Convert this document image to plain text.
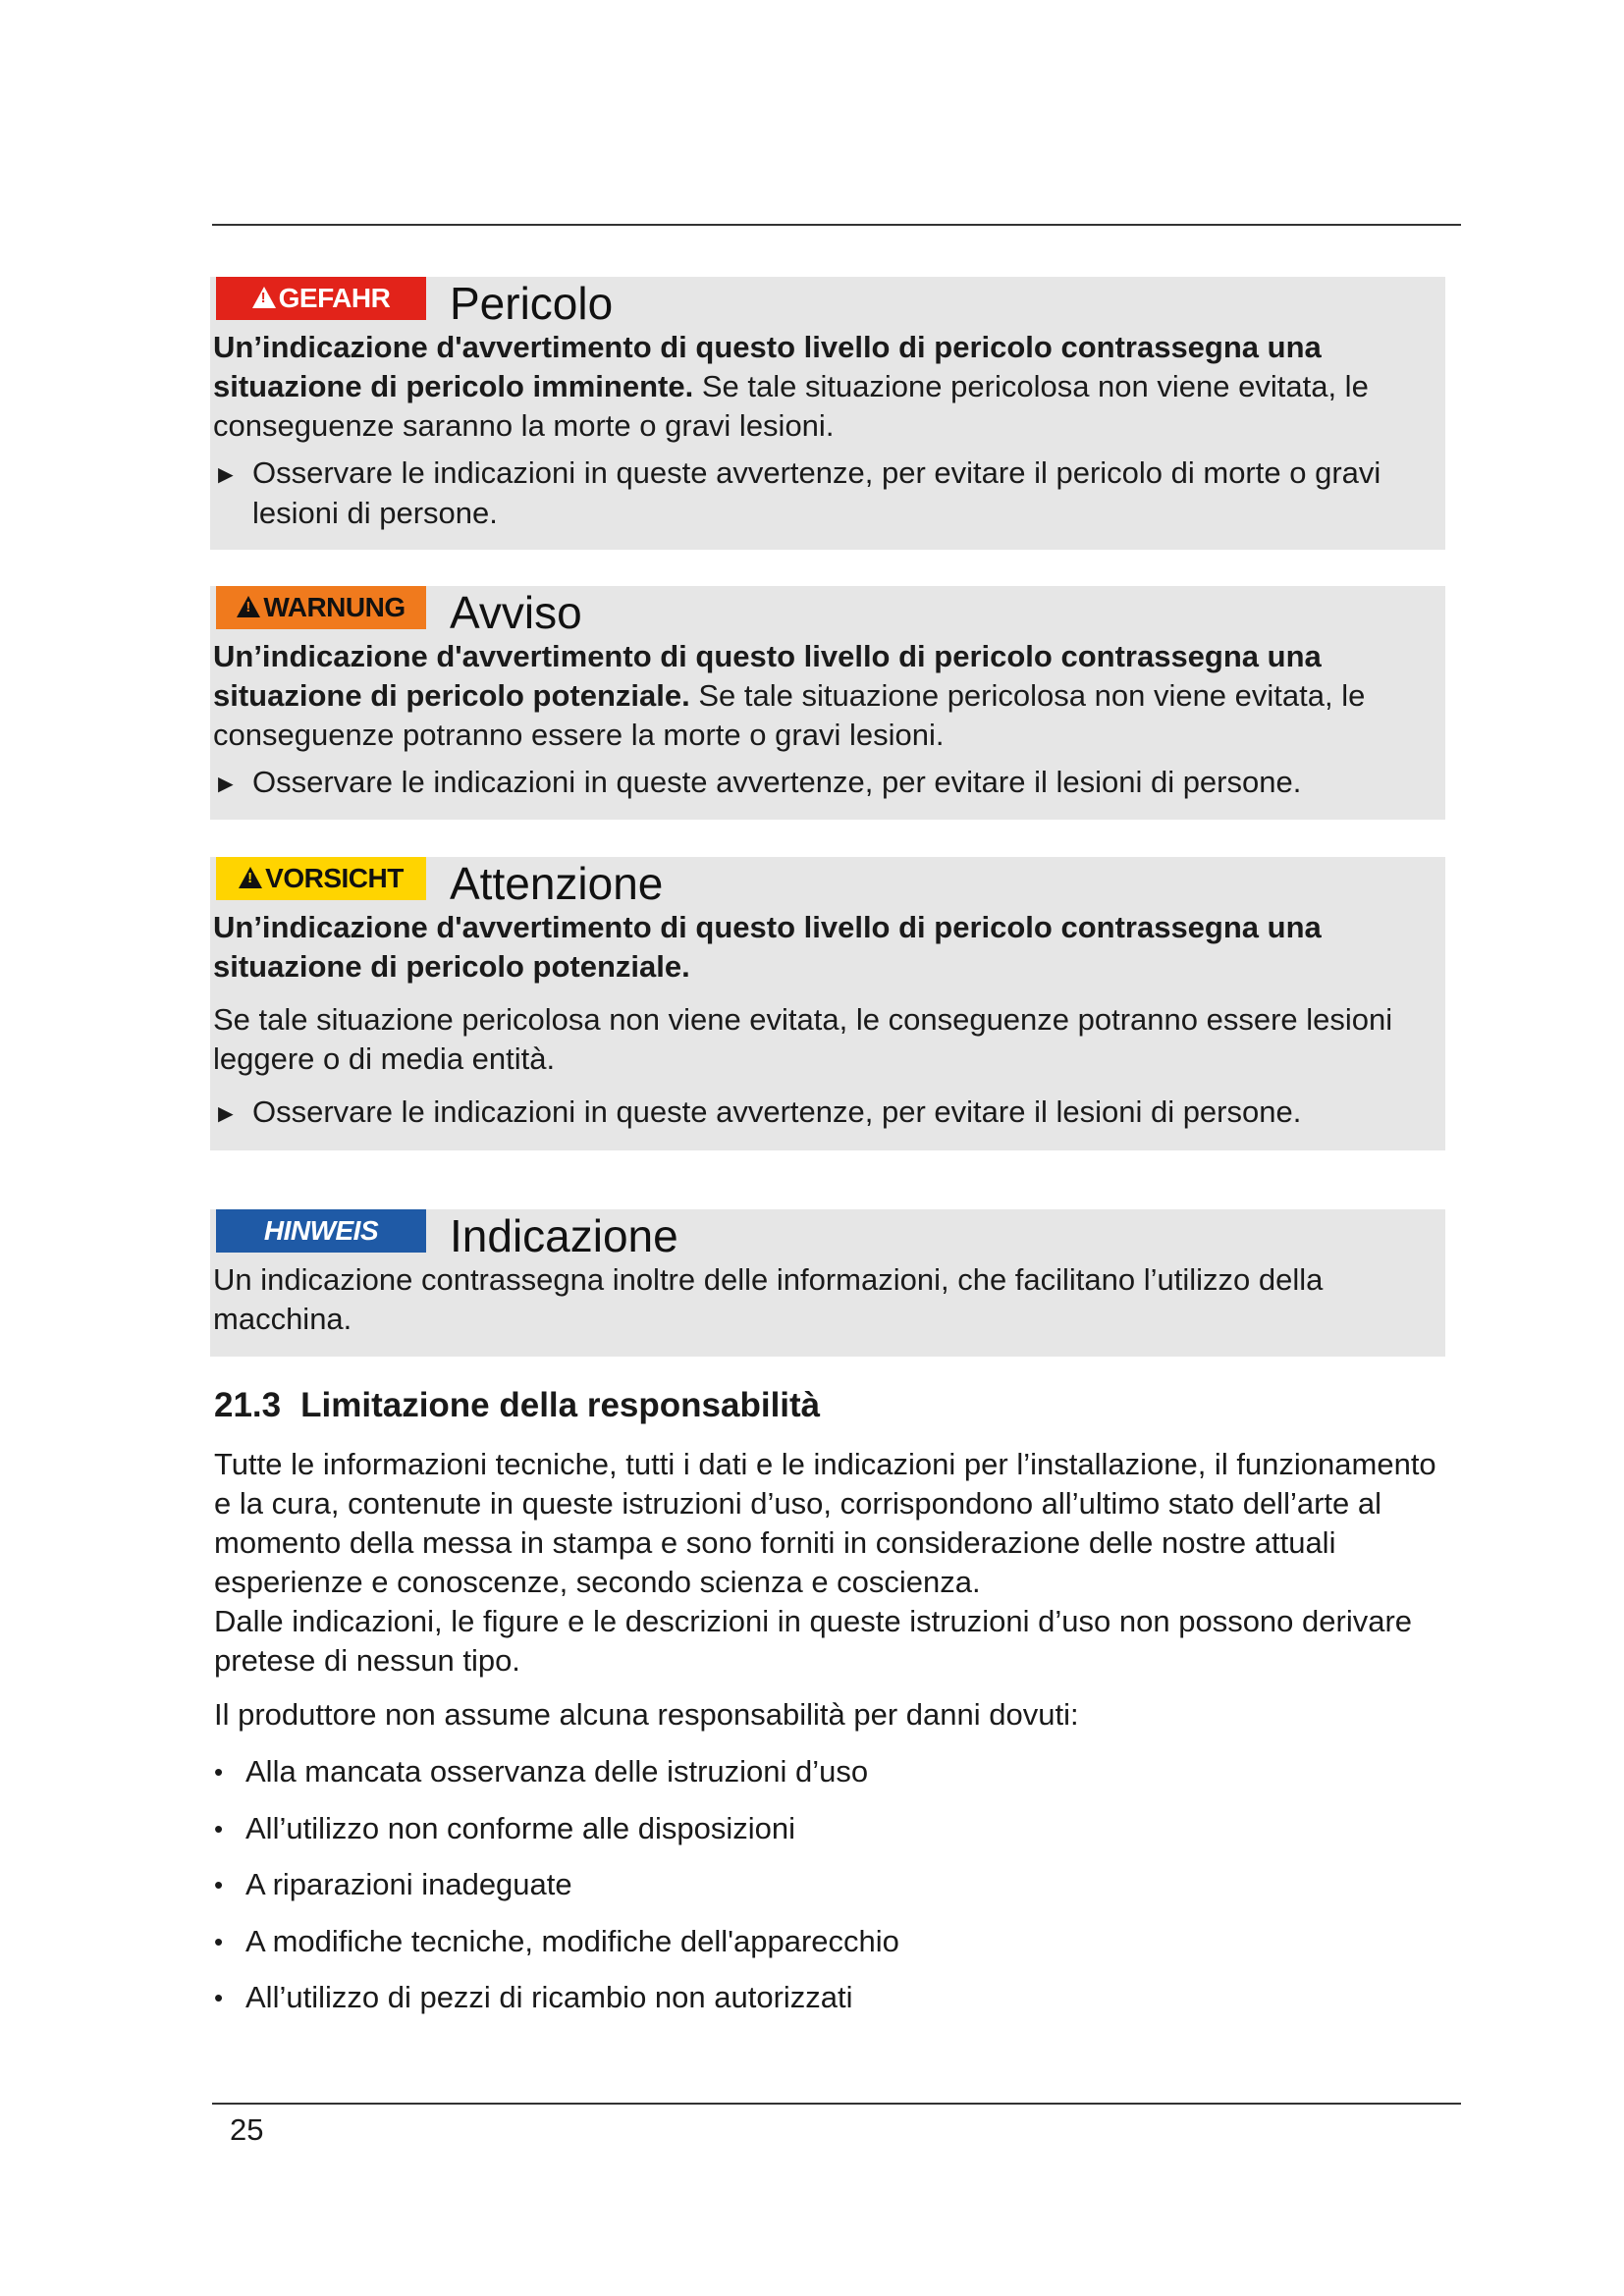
!
GEFAHR Pericolo

Un’indicazione d'avvertimento di questo livello di pericolo contrassegna una situazione di pericolo imminente. Se tale situazione pericolosa non viene evitata, le conseguenze saranno la morte o gravi lesioni.

► Osservare le indicazioni in queste avvertenze, per evitare il pericolo di morte o gravi lesioni di persone.

!
WARNUNG Avviso

Un’indicazione d'avvertimento di questo livello di pericolo contrassegna una situazione di pericolo potenziale. Se tale situazione pericolosa non viene evitata, le conseguenze potranno essere la morte o gravi lesioni.

► Osservare le indicazioni in queste avvertenze, per evitare il lesioni di persone.

!
VORSICHT Attenzione

Un’indicazione d'avvertimento di questo livello di pericolo contrassegna una situazione di pericolo potenziale.

Se tale situazione pericolosa non viene evitata, le conseguenze potranno essere lesioni leggere o di media entità.

► Osservare le indicazioni in queste avvertenze, per evitare il lesioni di persone.

HINWEIS Indicazione

Un indicazione contrassegna inoltre delle informazioni, che facilitano l’utilizzo della macchina.

21.3 Limitazione della responsabilità

Tutte le informazioni tecniche, tutti i dati e le indicazioni per l’installazione, il funzionamento e la cura, contenute in queste istruzioni d’uso, corrispondono all’ultimo stato dell’arte al momento della messa in stampa e sono forniti in considerazione delle nostre attuali esperienze e conoscenze, secondo scienza e coscienza.

Dalle indicazioni, le figure e le descrizioni in queste istruzioni d’uso non possono derivare pretese di nessun tipo.

Il produttore non assume alcuna responsabilità per danni dovuti:

• Alla mancata osservanza delle istruzioni d’uso
• All’utilizzo non conforme alle disposizioni
• A riparazioni inadeguate
• A modifiche tecniche, modifiche dell'apparecchio
• All’utilizzo di pezzi di ricambio non autorizzati
25
